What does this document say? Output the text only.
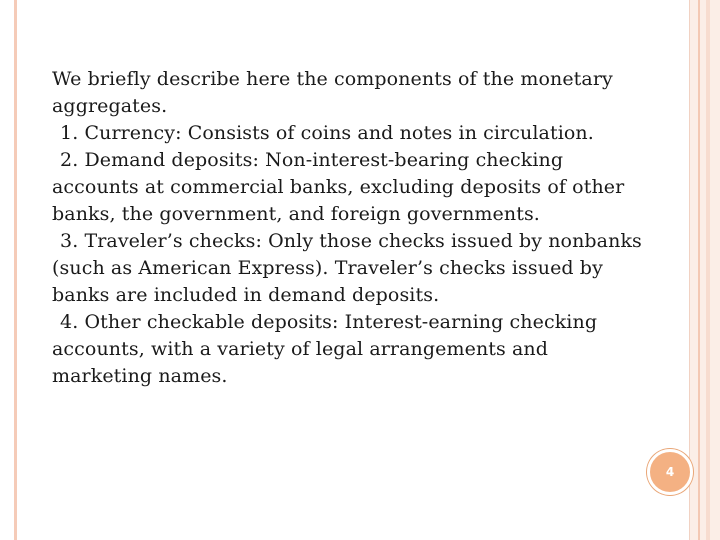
We briefly describe here the components of the monetary aggregates.

1. Currency: Consists of coins and notes in circulation.

2. Demand deposits: Non-interest-bearing checking accounts at commercial banks, excluding deposits of other banks, the government, and foreign governments.

3. Traveler’s checks: Only those checks issued by nonbanks (such as American Express). Traveler’s checks issued by banks are included in demand deposits.

4. Other checkable deposits: Interest-earning checking accounts, with a variety of legal arrangements and marketing names.

4
